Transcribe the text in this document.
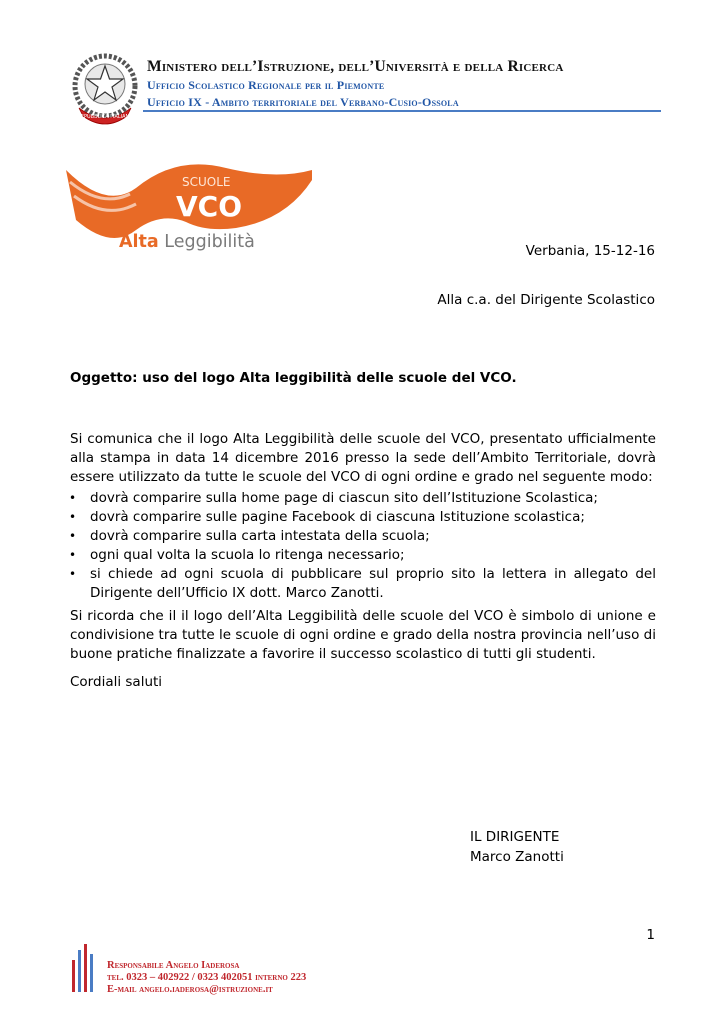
REPUBBLICA ITALIANA
Ministero dell’Istruzione, dell’Università e della Ricerca
Ufficio Scolastico Regionale per il Piemonte
Ufficio IX - Ambito territoriale del Verbano-Cusio-Ossola
SCUOLE
VCO
Alta Leggibilità	Verbania, 15-12-16
Alla c.a. del Dirigente Scolastico
Oggetto: uso del logo Alta leggibilità delle scuole del VCO.

Si comunica che il logo Alta Leggibilità delle scuole del VCO, presentato ufficialmente alla stampa in data 14 dicembre 2016 presso la sede dell’Ambito Territoriale, dovrà essere utilizzato da tutte le scuole del VCO di ogni ordine e grado nel seguente modo:

• dovrà comparire sulla home page di ciascun sito dell’Istituzione Scolastica;
• dovrà comparire sulle pagine Facebook di ciascuna Istituzione scolastica;
• dovrà comparire sulla carta intestata della scuola;
• ogni qual volta la scuola lo ritenga necessario;
• si chiede ad ogni scuola di pubblicare sul proprio sito la lettera in allegato del Dirigente dell’Ufficio IX dott. Marco Zanotti.

Si ricorda che il il logo dell’Alta Leggibilità delle scuole del VCO è simbolo di unione e condivisione tra tutte le scuole di ogni ordine e grado della nostra provincia nell’uso di buone pratiche finalizzate a favorire il successo scolastico di tutti gli studenti.

Cordiali saluti

IL DIRIGENTE
Marco Zanotti
1
Responsabile Angelo Iaderosa
tel. 0323 – 402922 / 0323 402051 interno 223
E-mail angelo.iaderosa@istruzione.it
